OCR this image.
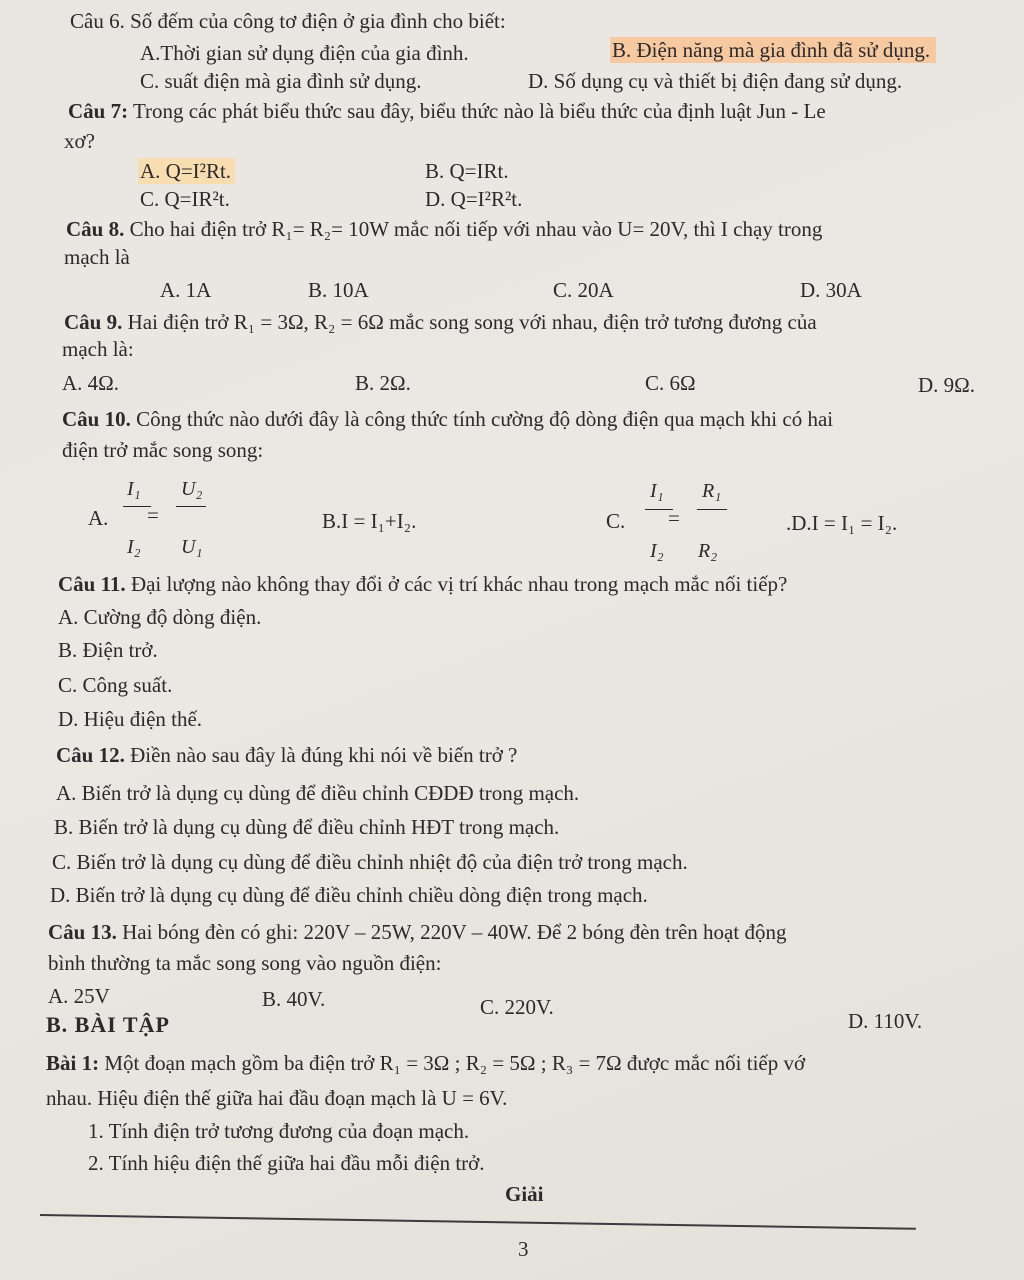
Câu 6. Số đếm của công tơ điện ở gia đình cho biết:
A.Thời gian sử dụng điện của gia đình.	B. Điện năng mà gia đình đã sử dụng.
C. suất điện mà gia đình sử dụng.	D. Số dụng cụ và thiết bị điện đang sử dụng.
Câu 7: Trong các phát biểu thức sau đây, biểu thức nào là biểu thức của định luật Jun - Le
xơ?
A. Q=I²Rt.	B. Q=IRt.
C. Q=IR²t.	D. Q=I²R²t.
Câu 8. Cho hai điện trở R₁= R₂= 10W mắc nối tiếp với nhau vào U= 20V, thì I chạy trong
mạch là
A. 1A	B. 10A	C. 20A	D. 30A
Câu 9. Hai điện trở R₁ = 3Ω, R₂ = 6Ω mắc song song với nhau, điện trở tương đương của
mạch là:
A. 4Ω.	B. 2Ω.	C. 6Ω	D. 9Ω.
Câu 10. Công thức nào dưới đây là công thức tính cường độ dòng điện qua mạch khi có hai
điện trở mắc song song:
A.
I₁
I₂
=
U₂
U₁
B.I = I₁+I₂.	C.
I₁
I₂
=
R₁
R₂
.D.I = I₁ = I₂.
Câu 11. Đại lượng nào không thay đổi ở các vị trí khác nhau trong mạch mắc nối tiếp?
A. Cường độ dòng điện.
B. Điện trở.
C. Công suất.
D. Hiệu điện thế.
Câu 12. Điền nào sau đây là đúng khi nói về biến trở ?
A. Biến trở là dụng cụ dùng để điều chỉnh CĐDĐ trong mạch.
B. Biến trở là dụng cụ dùng để điều chỉnh HĐT trong mạch.
C. Biến trở là dụng cụ dùng để điều chỉnh nhiệt độ của điện trở trong mạch.
D. Biến trở là dụng cụ dùng để điều chỉnh chiều dòng điện trong mạch.
Câu 13. Hai bóng đèn có ghi: 220V – 25W, 220V – 40W. Để 2 bóng đèn trên hoạt động
bình thường ta mắc song song vào nguồn điện:
A. 25V	B. 40V.	C. 220V.
D. 110V.
B. BÀI TẬP
Bài 1: Một đoạn mạch gồm ba điện trở R₁ = 3Ω ; R₂ = 5Ω ; R₃ = 7Ω được mắc nối tiếp vớ
nhau. Hiệu điện thế giữa hai đầu đoạn mạch là U = 6V.
1. Tính điện trở tương đương của đoạn mạch.
2. Tính hiệu điện thế giữa hai đầu mỗi điện trở.
Giải
3
